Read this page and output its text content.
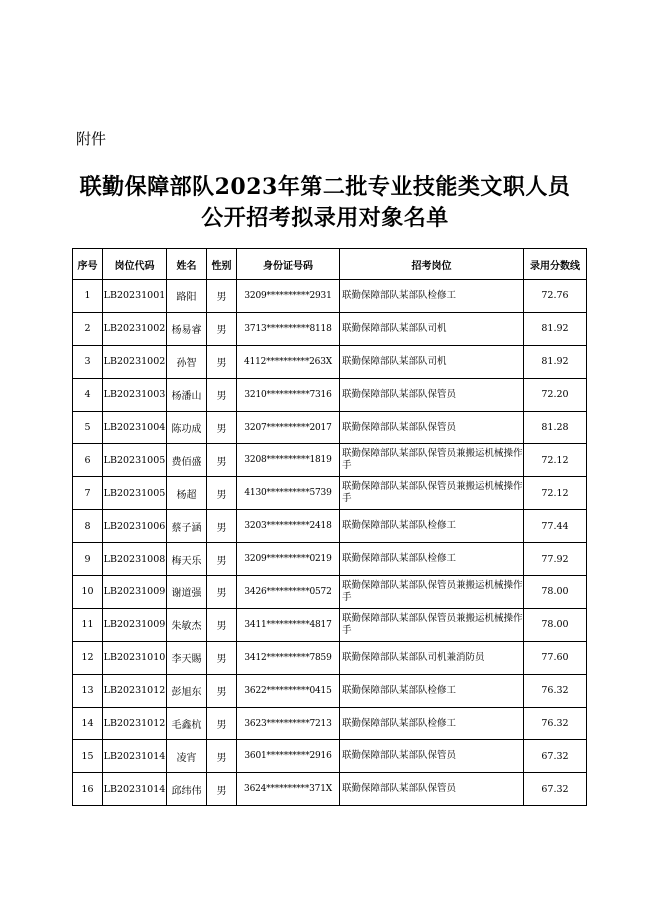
附件
联勤保障部队2023年第二批专业技能类文职人员
公开招考拟录用对象名单
序号	岗位代码	姓名	性别	身份证号码	招考岗位	录用分数线
1	LB20231001	路阳	男	3209**********2931	联勤保障部队某部队检修工	72.76
2	LB20231002	杨易睿	男	3713**********8118	联勤保障部队某部队司机	81.92
3	LB20231002	孙智	男	4112**********263X	联勤保障部队某部队司机	81.92
4	LB20231003	杨潘山	男	3210**********7316	联勤保障部队某部队保管员	72.20
5	LB20231004	陈功成	男	3207**********2017	联勤保障部队某部队保管员	81.28
6	LB20231005	费佰盛	男	3208**********1819	联勤保障部队某部队保管员兼搬运机械操作手	72.12
7	LB20231005	杨超	男	4130**********5739	联勤保障部队某部队保管员兼搬运机械操作手	72.12
8	LB20231006	蔡子涵	男	3203**********2418	联勤保障部队某部队检修工	77.44
9	LB20231008	梅天乐	男	3209**********0219	联勤保障部队某部队检修工	77.92
10	LB20231009	谢道强	男	3426**********0572	联勤保障部队某部队保管员兼搬运机械操作手	78.00
11	LB20231009	朱敏杰	男	3411**********4817	联勤保障部队某部队保管员兼搬运机械操作手	78.00
12	LB20231010	李天賜	男	3412**********7859	联勤保障部队某部队司机兼消防员	77.60
13	LB20231012	彭旭东	男	3622**********0415	联勤保障部队某部队检修工	76.32
14	LB20231012	毛鑫杭	男	3623**********7213	联勤保障部队某部队检修工	76.32
15	LB20231014	凌宵	男	3601**********2916	联勤保障部队某部队保管员	67.32
16	LB20231014	邱纬伟	男	3624**********371X	联勤保障部队某部队保管员	67.32
